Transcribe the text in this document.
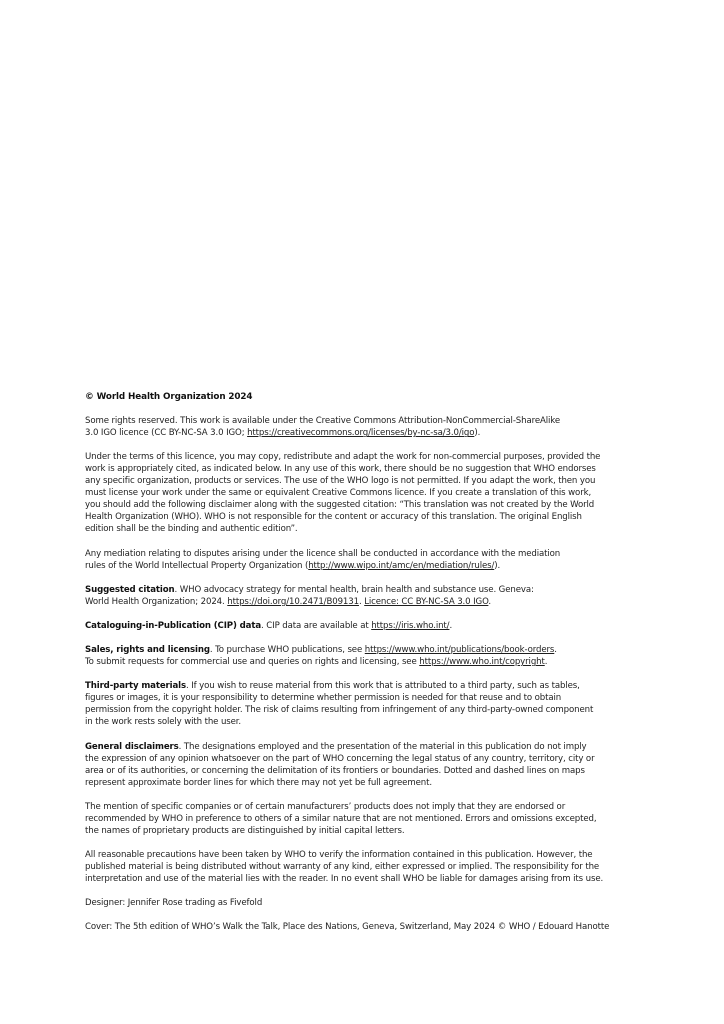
© World Health Organization 2024
Some rights reserved. This work is available under the Creative Commons Attribution-NonCommercial-ShareAlike
3.0 IGO licence (CC BY-NC-SA 3.0 IGO; https://creativecommons.org/licenses/by-nc-sa/3.0/igo).
Under the terms of this licence, you may copy, redistribute and adapt the work for non-commercial purposes, provided the
work is appropriately cited, as indicated below. In any use of this work, there should be no suggestion that WHO endorses
any specific organization, products or services. The use of the WHO logo is not permitted. If you adapt the work, then you
must license your work under the same or equivalent Creative Commons licence. If you create a translation of this work,
you should add the following disclaimer along with the suggested citation: “This translation was not created by the World
Health Organization (WHO). WHO is not responsible for the content or accuracy of this translation. The original English
edition shall be the binding and authentic edition”.
Any mediation relating to disputes arising under the licence shall be conducted in accordance with the mediation
rules of the World Intellectual Property Organization (http://www.wipo.int/amc/en/mediation/rules/).
Suggested citation. WHO advocacy strategy for mental health, brain health and substance use. Geneva:
World Health Organization; 2024. https://doi.org/10.2471/B09131. Licence: CC BY-NC-SA 3.0 IGO.
Cataloguing-in-Publication (CIP) data. CIP data are available at https://iris.who.int/.
Sales, rights and licensing. To purchase WHO publications, see https://www.who.int/publications/book-orders.
To submit requests for commercial use and queries on rights and licensing, see https://www.who.int/copyright.
Third-party materials. If you wish to reuse material from this work that is attributed to a third party, such as tables,
figures or images, it is your responsibility to determine whether permission is needed for that reuse and to obtain
permission from the copyright holder. The risk of claims resulting from infringement of any third-party-owned component
in the work rests solely with the user.
General disclaimers. The designations employed and the presentation of the material in this publication do not imply
the expression of any opinion whatsoever on the part of WHO concerning the legal status of any country, territory, city or
area or of its authorities, or concerning the delimitation of its frontiers or boundaries. Dotted and dashed lines on maps
represent approximate border lines for which there may not yet be full agreement.
The mention of specific companies or of certain manufacturers’ products does not imply that they are endorsed or
recommended by WHO in preference to others of a similar nature that are not mentioned. Errors and omissions excepted,
the names of proprietary products are distinguished by initial capital letters.
All reasonable precautions have been taken by WHO to verify the information contained in this publication. However, the
published material is being distributed without warranty of any kind, either expressed or implied. The responsibility for the
interpretation and use of the material lies with the reader. In no event shall WHO be liable for damages arising from its use.
Designer: Jennifer Rose trading as Fivefold
Cover: The 5th edition of WHO’s Walk the Talk, Place des Nations, Geneva, Switzerland, May 2024 © WHO / Edouard Hanotte
